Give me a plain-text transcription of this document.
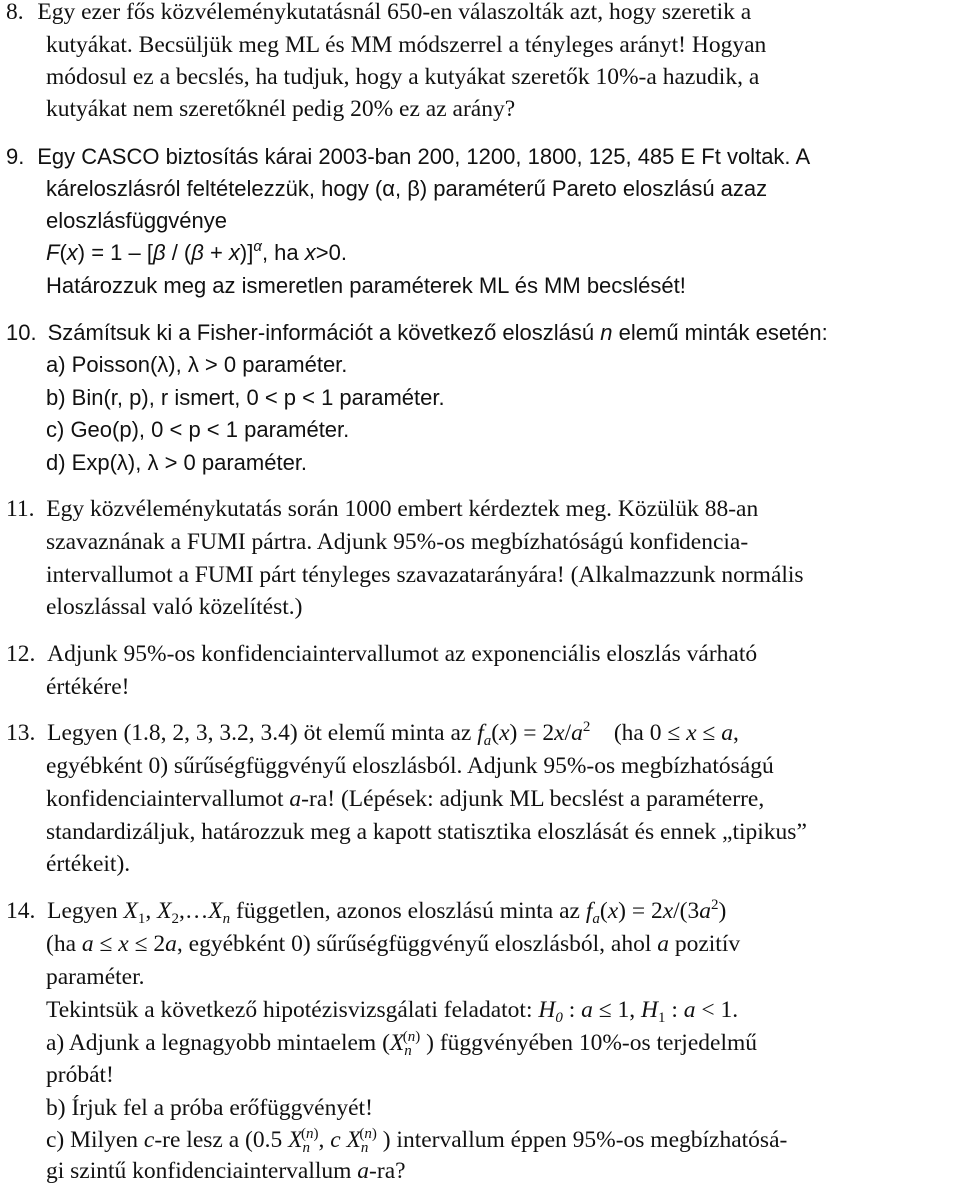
8.   Egy ezer fős közvéleménykutatásnál 650-en válaszolták azt, hogy szeretik a
kutyákat. Becsüljük meg ML és MM módszerrel a tényleges arányt! Hogyan
módosul ez a becslés, ha tudjuk, hogy a kutyákat szeretők 10%-a hazudik, a
kutyákat nem szeretőknél pedig 20% ez az arány?
9.   Egy CASCO biztosítás kárai 2003-ban 200, 1200, 1800, 125, 485 E Ft voltak. A
káreloszlásról feltételezzük, hogy (α, β) paraméterű Pareto eloszlású azaz
eloszlásfüggvénye
$F(x) = 1 - [\beta / (\beta + x)]^\alpha$, ha x>0.
Határozzuk meg az ismeretlen paraméterek ML és MM becslését!
10.  Számítsuk ki a Fisher-információt a következő eloszlású n elemű minták esetén:
a) Poisson(λ), λ > 0 paraméter.
b) Bin(r, p), r ismert, 0 < p < 1 paraméter.
c) Geo(p), 0 < p < 1 paraméter.
d) Exp(λ), λ > 0 paraméter.
11.  Egy közvéleménykutatás során 1000 embert kérdeztek meg. Közülük 88-an
szavaznának a FUMI pártra. Adjunk 95%-os megbízhatóságú konfidencia-
intervallumot a FUMI párt tényleges szavazatarányára! (Alkalmazzunk normális
eloszlással való közelítést.)
12.  Adjunk 95%-os konfidenciaintervallumot az exponenciális eloszlás várható
értékére!
13.  Legyen (1.8, 2, 3, 3.2, 3.4) öt elemű minta az $f_a(x) = 2x/a^2$ (ha 0 ≤ x ≤ a,
egyébként 0) sűrűségfüggvényű eloszlásból. Adjunk 95%-os megbízhatóságú
konfidenciaintervallumot a-ra! (Lépések: adjunk ML becslést a paraméterre,
standardizáljuk, határozzuk meg a kapott statisztika eloszlását és ennek „tipikus”
értékeit).
14.  Legyen $X_1$, $X_2,\dots X_n$ független, azonos eloszlású minta az $f_a(x) = 2x/(3a^2)$
(ha a ≤ x ≤ 2a, egyébként 0) sűrűségfüggvényű eloszlásból, ahol a pozitív
paraméter.
Tekintsük a következő hipotézisvizsgálati feladatot: $H_0$ : a ≤ 1, $H_1$ : a < 1.
a) Adjunk a legnagyobb mintaelem ($X_n^{(n)}$ ) függvényében 10%-os terjedelmű
próbát!
b) Írjuk fel a próba erőfüggvényét!
c) Milyen c-re lesz a (0.5 $X_n^{(n)}$, c $X_n^{(n)}$ ) intervallum éppen 95%-os megbízhatósá-
gi szintű konfidenciaintervallum a-ra?
